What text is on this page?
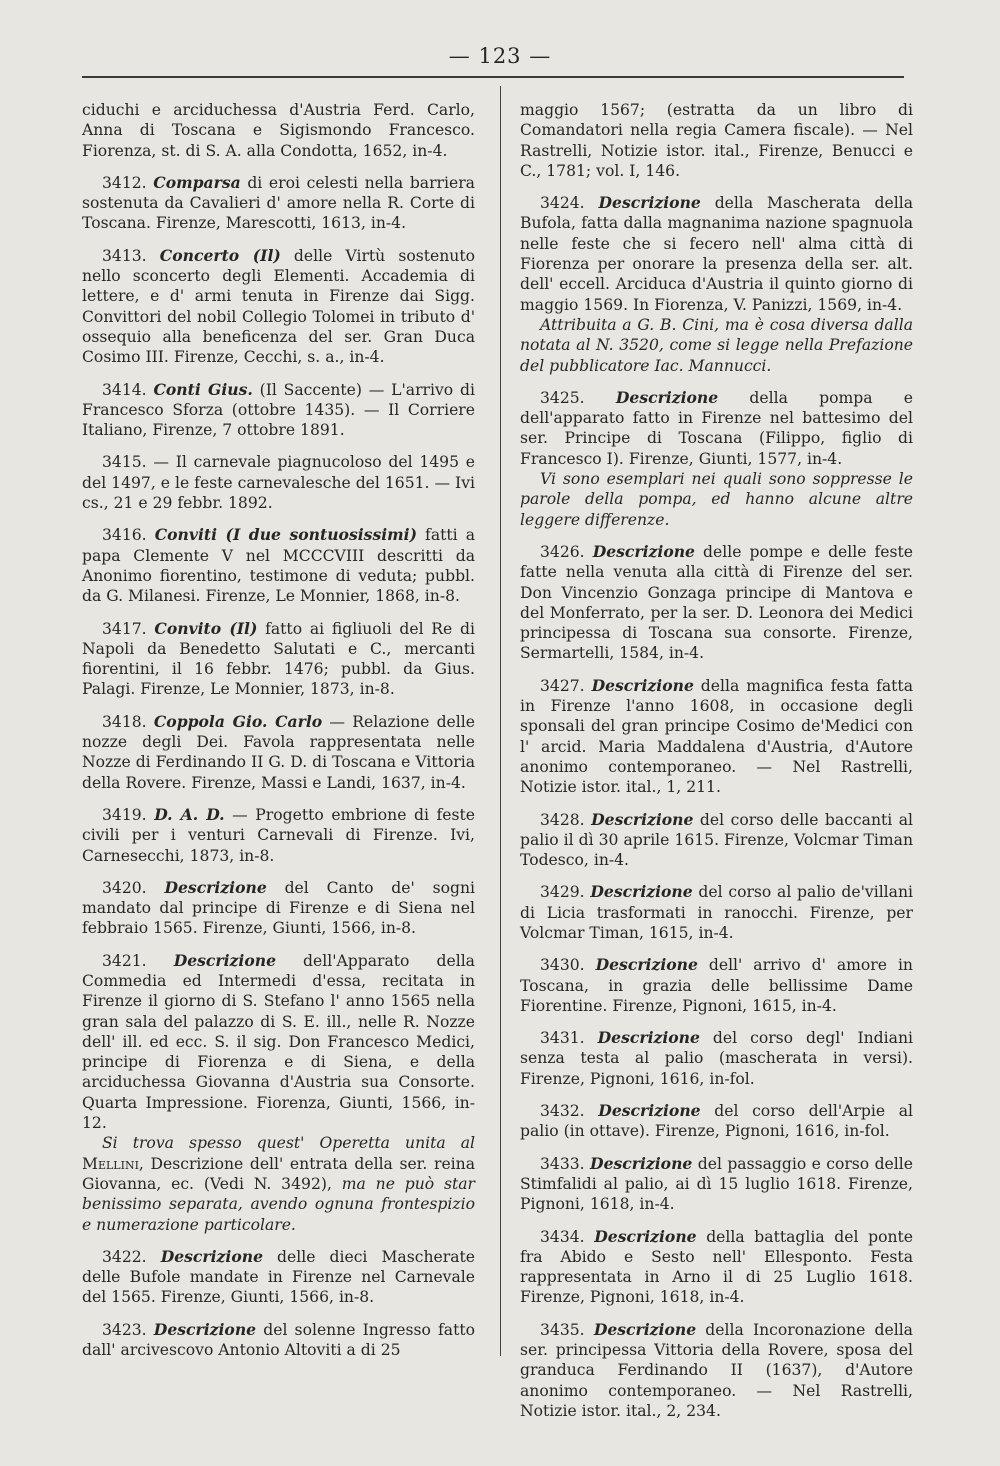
— 123 —

ciduchi e arciduchessa d'Austria Ferd. Carlo, Anna di Toscana e Sigismondo Francesco. Fiorenza, st. di S. A. alla Condotta, 1652, in-4.

3412. Comparsa di eroi celesti nella barriera sostenuta da Cavalieri d' amore nella R. Corte di Toscana. Firenze, Marescotti, 1613, in-4.

3413. Concerto (Il) delle Virtù sostenuto nello sconcerto degli Elementi. Accademia di lettere, e d' armi tenuta in Firenze dai Sigg. Convittori del nobil Collegio Tolomei in tributo d' ossequio alla beneficenza del ser. Gran Duca Cosimo III. Firenze, Cecchi, s. a., in-4.

3414. Conti Gius. (Il Saccente) — L'arrivo di Francesco Sforza (ottobre 1435). — Il Corriere Italiano, Firenze, 7 ottobre 1891.

3415. — Il carnevale piagnucoloso del 1495 e del 1497, e le feste carnevalesche del 1651. — Ivi cs., 21 e 29 febbr. 1892.

3416. Conviti (I due sontuosissimi) fatti a papa Clemente V nel MCCCVIII descritti da Anonimo fiorentino, testimone di veduta; pubbl. da G. Milanesi. Firenze, Le Monnier, 1868, in-8.

3417. Convito (Il) fatto ai figliuoli del Re di Napoli da Benedetto Salutati e C., mercanti fiorentini, il 16 febbr. 1476; pubbl. da Gius. Palagi. Firenze, Le Monnier, 1873, in-8.

3418. Coppola Gio. Carlo — Relazione delle nozze degli Dei. Favola rappresentata nelle Nozze di Ferdinando II G. D. di Toscana e Vittoria della Rovere. Firenze, Massi e Landi, 1637, in-4.

3419. D. A. D. — Progetto embrione di feste civili per i venturi Carnevali di Firenze. Ivi, Carnesecchi, 1873, in-8.

3420. Descrizione del Canto de' sogni mandato dal principe di Firenze e di Siena nel febbraio 1565. Firenze, Giunti, 1566, in-8.

3421. Descrizione dell'Apparato della Commedia ed Intermedi d'essa, recitata in Firenze il giorno di S. Stefano l' anno 1565 nella gran sala del palazzo di S. E. ill., nelle R. Nozze dell' ill. ed ecc. S. il sig. Don Francesco Medici, principe di Fiorenza e di Siena, e della arciduchessa Giovanna d'Austria sua Consorte. Quarta Impressione. Fiorenza, Giunti, 1566, in-12.

Si trova spesso quest' Operetta unita al Mellini, Descrizione dell' entrata della ser. reina Giovanna, ec. (Vedi N. 3492), ma ne può star benissimo separata, avendo ognuna frontespizio e numerazione particolare.

3422. Descrizione delle dieci Mascherate delle Bufole mandate in Firenze nel Carnevale del 1565. Firenze, Giunti, 1566, in-8.

3423. Descrizione del solenne Ingresso fatto dall' arcivescovo Antonio Altoviti a di 25

maggio 1567; (estratta da un libro di Comandatori nella regia Camera fiscale). — Nel Rastrelli, Notizie istor. ital., Firenze, Benucci e C., 1781; vol. I, 146.

3424. Descrizione della Mascherata della Bufola, fatta dalla magnanima nazione spagnuola nelle feste che si fecero nell' alma città di Fiorenza per onorare la presenza della ser. alt. dell' eccell. Arciduca d'Austria il quinto giorno di maggio 1569. In Fiorenza, V. Panizzi, 1569, in-4.

Attribuita a G. B. Cini, ma è cosa diversa dalla notata al N. 3520, come si legge nella Prefazione del pubblicatore Iac. Mannucci.

3425. Descrizione della pompa e dell'apparato fatto in Firenze nel battesimo del ser. Principe di Toscana (Filippo, figlio di Francesco I). Firenze, Giunti, 1577, in-4.

Vi sono esemplari nei quali sono soppresse le parole della pompa, ed hanno alcune altre leggere differenze.

3426. Descrizione delle pompe e delle feste fatte nella venuta alla città di Firenze del ser. Don Vincenzio Gonzaga principe di Mantova e del Monferrato, per la ser. D. Leonora dei Medici principessa di Toscana sua consorte. Firenze, Sermartelli, 1584, in-4.

3427. Descrizione della magnifica festa fatta in Firenze l'anno 1608, in occasione degli sponsali del gran principe Cosimo de'Medici con l' arcid. Maria Maddalena d'Austria, d'Autore anonimo contemporaneo. — Nel Rastrelli, Notizie istor. ital., 1, 211.

3428. Descrizione del corso delle baccanti al palio il dì 30 aprile 1615. Firenze, Volcmar Timan Todesco, in-4.

3429. Descrizione del corso al palio de'villani di Licia trasformati in ranocchi. Firenze, per Volcmar Timan, 1615, in-4.

3430. Descrizione dell' arrivo d' amore in Toscana, in grazia delle bellissime Dame Fiorentine. Firenze, Pignoni, 1615, in-4.

3431. Descrizione del corso degl' Indiani senza testa al palio (mascherata in versi). Firenze, Pignoni, 1616, in-fol.

3432. Descrizione del corso dell'Arpie al palio (in ottave). Firenze, Pignoni, 1616, in-fol.

3433. Descrizione del passaggio e corso delle Stimfalidi al palio, ai dì 15 luglio 1618. Firenze, Pignoni, 1618, in-4.

3434. Descrizione della battaglia del ponte fra Abido e Sesto nell' Ellesponto. Festa rappresentata in Arno il di 25 Luglio 1618. Firenze, Pignoni, 1618, in-4.

3435. Descrizione della Incoronazione della ser. principessa Vittoria della Rovere, sposa del granduca Ferdinando II (1637), d'Autore anonimo contemporaneo. — Nel Rastrelli, Notizie istor. ital., 2, 234.
